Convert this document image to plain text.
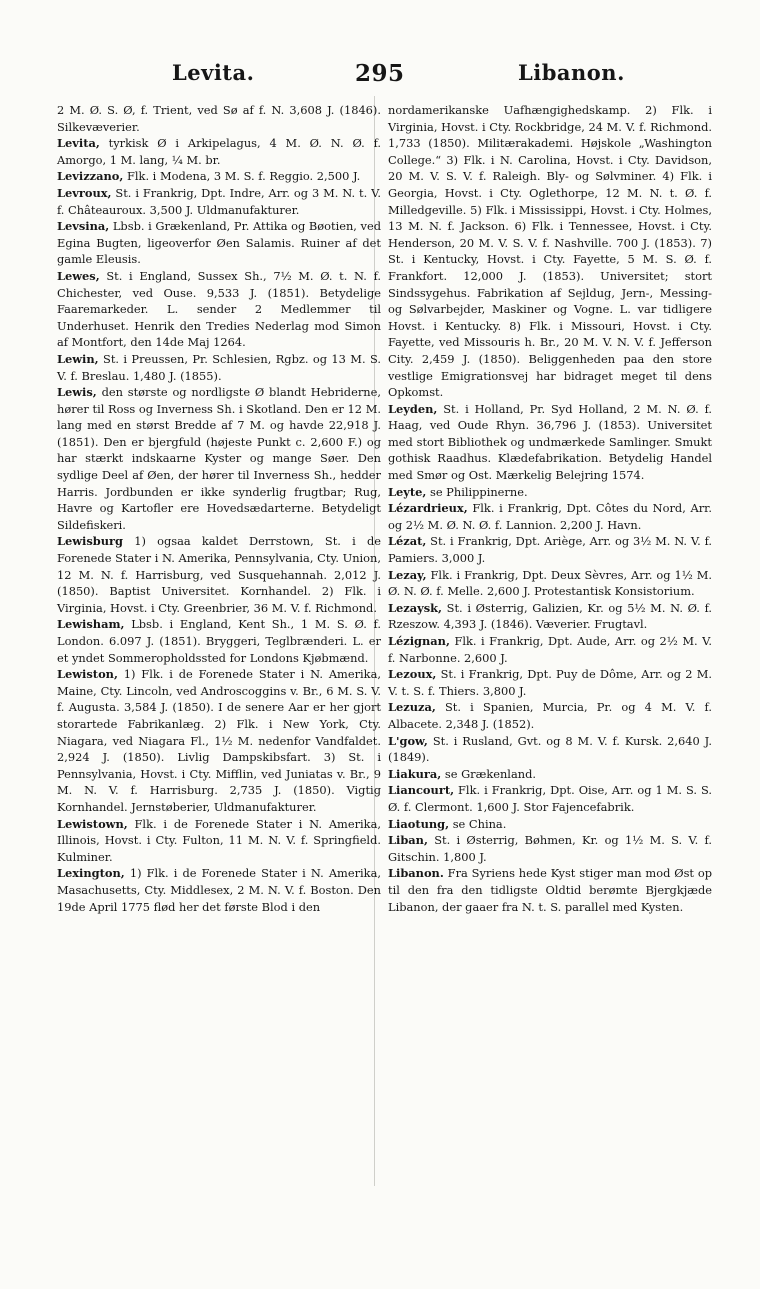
Levita.	295	Libanon.

2 M. Ø. S. Ø, f. Trient, ved Sø af f. N. 3,608 J. (1846). Silkevæverier.

Levita, tyrkisk Ø i Arkipelagus, 4 M. Ø. N. Ø. f. Amorgo, 1 M. lang, ¼ M. br.

Levizzano, Flk. i Modena, 3 M. S. f. Reggio. 2,500 J.

Levroux, St. i Frankrig, Dpt. Indre, Arr. og 3 M. N. t. V. f. Châteauroux. 3,500 J. Uldmanufakturer.

Levsina, Lbsb. i Grækenland, Pr. Attika og Bøotien, ved Egina Bugten, ligeoverfor Øen Salamis. Ruiner af det gamle Eleusis.

Lewes, St. i England, Sussex Sh., 7½ M. Ø. t. N. f. Chichester, ved Ouse. 9,533 J. (1851). Betydelige Faaremarkeder. L. sender 2 Medlemmer til Underhuset. Henrik den Tredies Nederlag mod Simon af Montfort, den 14de Maj 1264.

Lewin, St. i Preussen, Pr. Schlesien, Rgbz. og 13 M. S. V. f. Breslau. 1,480 J. (1855).

Lewis, den største og nordligste Ø blandt Hebriderne, hører til Ross og Inverness Sh. i Skotland. Den er 12 M. lang med en størst Bredde af 7 M. og havde 22,918 J. (1851). Den er bjergfuld (højeste Punkt c. 2,600 F.) og har stærkt indskaarne Kyster og mange Søer. Den sydlige Deel af Øen, der hører til Inverness Sh., hedder Harris. Jordbunden er ikke synderlig frugtbar; Rug, Havre og Kartofler ere Hovedsædarterne. Betydeligt Sildefiskeri.

Lewisburg 1) ogsaa kaldet Derrstown, St. i de Forenede Stater i N. Amerika, Pennsylvania, Cty. Union, 12 M. N. f. Harrisburg, ved Susquehannah. 2,012 J. (1850). Baptist Universitet. Kornhandel. 2) Flk. i Virginia, Hovst. i Cty. Greenbrier, 36 M. V. f. Richmond.

Lewisham, Lbsb. i England, Kent Sh., 1 M. S. Ø. f. London. 6.097 J. (1851). Bryggeri, Teglbrænderi. L. er et yndet Sommeropholdssted for Londons Kjøbmænd.

Lewiston, 1) Flk. i de Forenede Stater i N. Amerika, Maine, Cty. Lincoln, ved Androscoggins v. Br., 6 M. S. V. f. Augusta. 3,584 J. (1850). I de senere Aar er her gjort storartede Fabrikanlæg. 2) Flk. i New York, Cty. Niagara, ved Niagara Fl., 1½ M. nedenfor Vandfaldet. 2,924 J. (1850). Livlig Dampskibsfart. 3) St. i Pennsylvania, Hovst. i Cty. Mifflin, ved Juniatas v. Br., 9 M. N. V. f. Harrisburg. 2,735 J. (1850). Vigtig Kornhandel. Jernstøberier, Uldmanufakturer.

Lewistown, Flk. i de Forenede Stater i N. Amerika, Illinois, Hovst. i Cty. Fulton, 11 M. N. V. f. Springfield. Kulminer.

Lexington, 1) Flk. i de Forenede Stater i N. Amerika, Masachusetts, Cty. Middlesex, 2 M. N. V. f. Boston. Den 19de April 1775 flød her det første Blod i den

nordamerikanske Uafhængighedskamp. 2) Flk. i Virginia, Hovst. i Cty. Rockbridge, 24 M. V. f. Richmond. 1,733 (1850). Militærakademi. Højskole „Washington College.“ 3) Flk. i N. Carolina, Hovst. i Cty. Davidson, 20 M. V. S. V. f. Raleigh. Bly- og Sølvminer. 4) Flk. i Georgia, Hovst. i Cty. Oglethorpe, 12 M. N. t. Ø. f. Milledgeville. 5) Flk. i Mississippi, Hovst. i Cty. Holmes, 13 M. N. f. Jackson. 6) Flk. i Tennessee, Hovst. i Cty. Henderson, 20 M. V. S. V. f. Nashville. 700 J. (1853). 7) St. i Kentucky, Hovst. i Cty. Fayette, 5 M. S. Ø. f. Frankfort. 12,000 J. (1853). Universitet; stort Sindssygehus. Fabrikation af Sejldug, Jern-, Messing- og Sølvarbejder, Maskiner og Vogne. L. var tidligere Hovst. i Kentucky. 8) Flk. i Missouri, Hovst. i Cty. Fayette, ved Missouris h. Br., 20 M. V. N. V. f. Jefferson City. 2,459 J. (1850). Beliggenheden paa den store vestlige Emigrationsvej har bidraget meget til dens Opkomst.

Leyden, St. i Holland, Pr. Syd Holland, 2 M. N. Ø. f. Haag, ved Oude Rhyn. 36,796 J. (1853). Universitet med stort Bibliothek og undmærkede Samlinger. Smukt gothisk Raadhus. Klædefabrikation. Betydelig Handel med Smør og Ost. Mærkelig Belejring 1574.

Leyte, se Philippinerne.

Lézardrieux, Flk. i Frankrig, Dpt. Côtes du Nord, Arr. og 2½ M. Ø. N. Ø. f. Lannion. 2,200 J. Havn.

Lézat, St. i Frankrig, Dpt. Ariège, Arr. og 3½ M. N. V. f. Pamiers. 3,000 J.

Lezay, Flk. i Frankrig, Dpt. Deux Sèvres, Arr. og 1½ M. Ø. N. Ø. f. Melle. 2,600 J. Protestantisk Konsistorium.

Lezaysk, St. i Østerrig, Galizien, Kr. og 5½ M. N. Ø. f. Rzeszow. 4,393 J. (1846). Væverier. Frugtavl.

Lézignan, Flk. i Frankrig, Dpt. Aude, Arr. og 2½ M. V. f. Narbonne. 2,600 J.

Lezoux, St. i Frankrig, Dpt. Puy de Dôme, Arr. og 2 M. V. t. S. f. Thiers. 3,800 J.

Lezuza, St. i Spanien, Murcia, Pr. og 4 M. V. f. Albacete. 2,348 J. (1852).

L'gow, St. i Rusland, Gvt. og 8 M. V. f. Kursk. 2,640 J. (1849).

Liakura, se Grækenland.

Liancourt, Flk. i Frankrig, Dpt. Oise, Arr. og 1 M. S. S. Ø. f. Clermont. 1,600 J. Stor Fajencefabrik.

Liaotung, se China.

Liban, St. i Østerrig, Bøhmen, Kr. og 1½ M. S. V. f. Gitschin. 1,800 J.

Libanon. Fra Syriens hede Kyst stiger man mod Øst op til den fra den tidligste Oldtid berømte Bjergkjæde Libanon, der gaaer fra N. t. S. parallel med Kysten.
